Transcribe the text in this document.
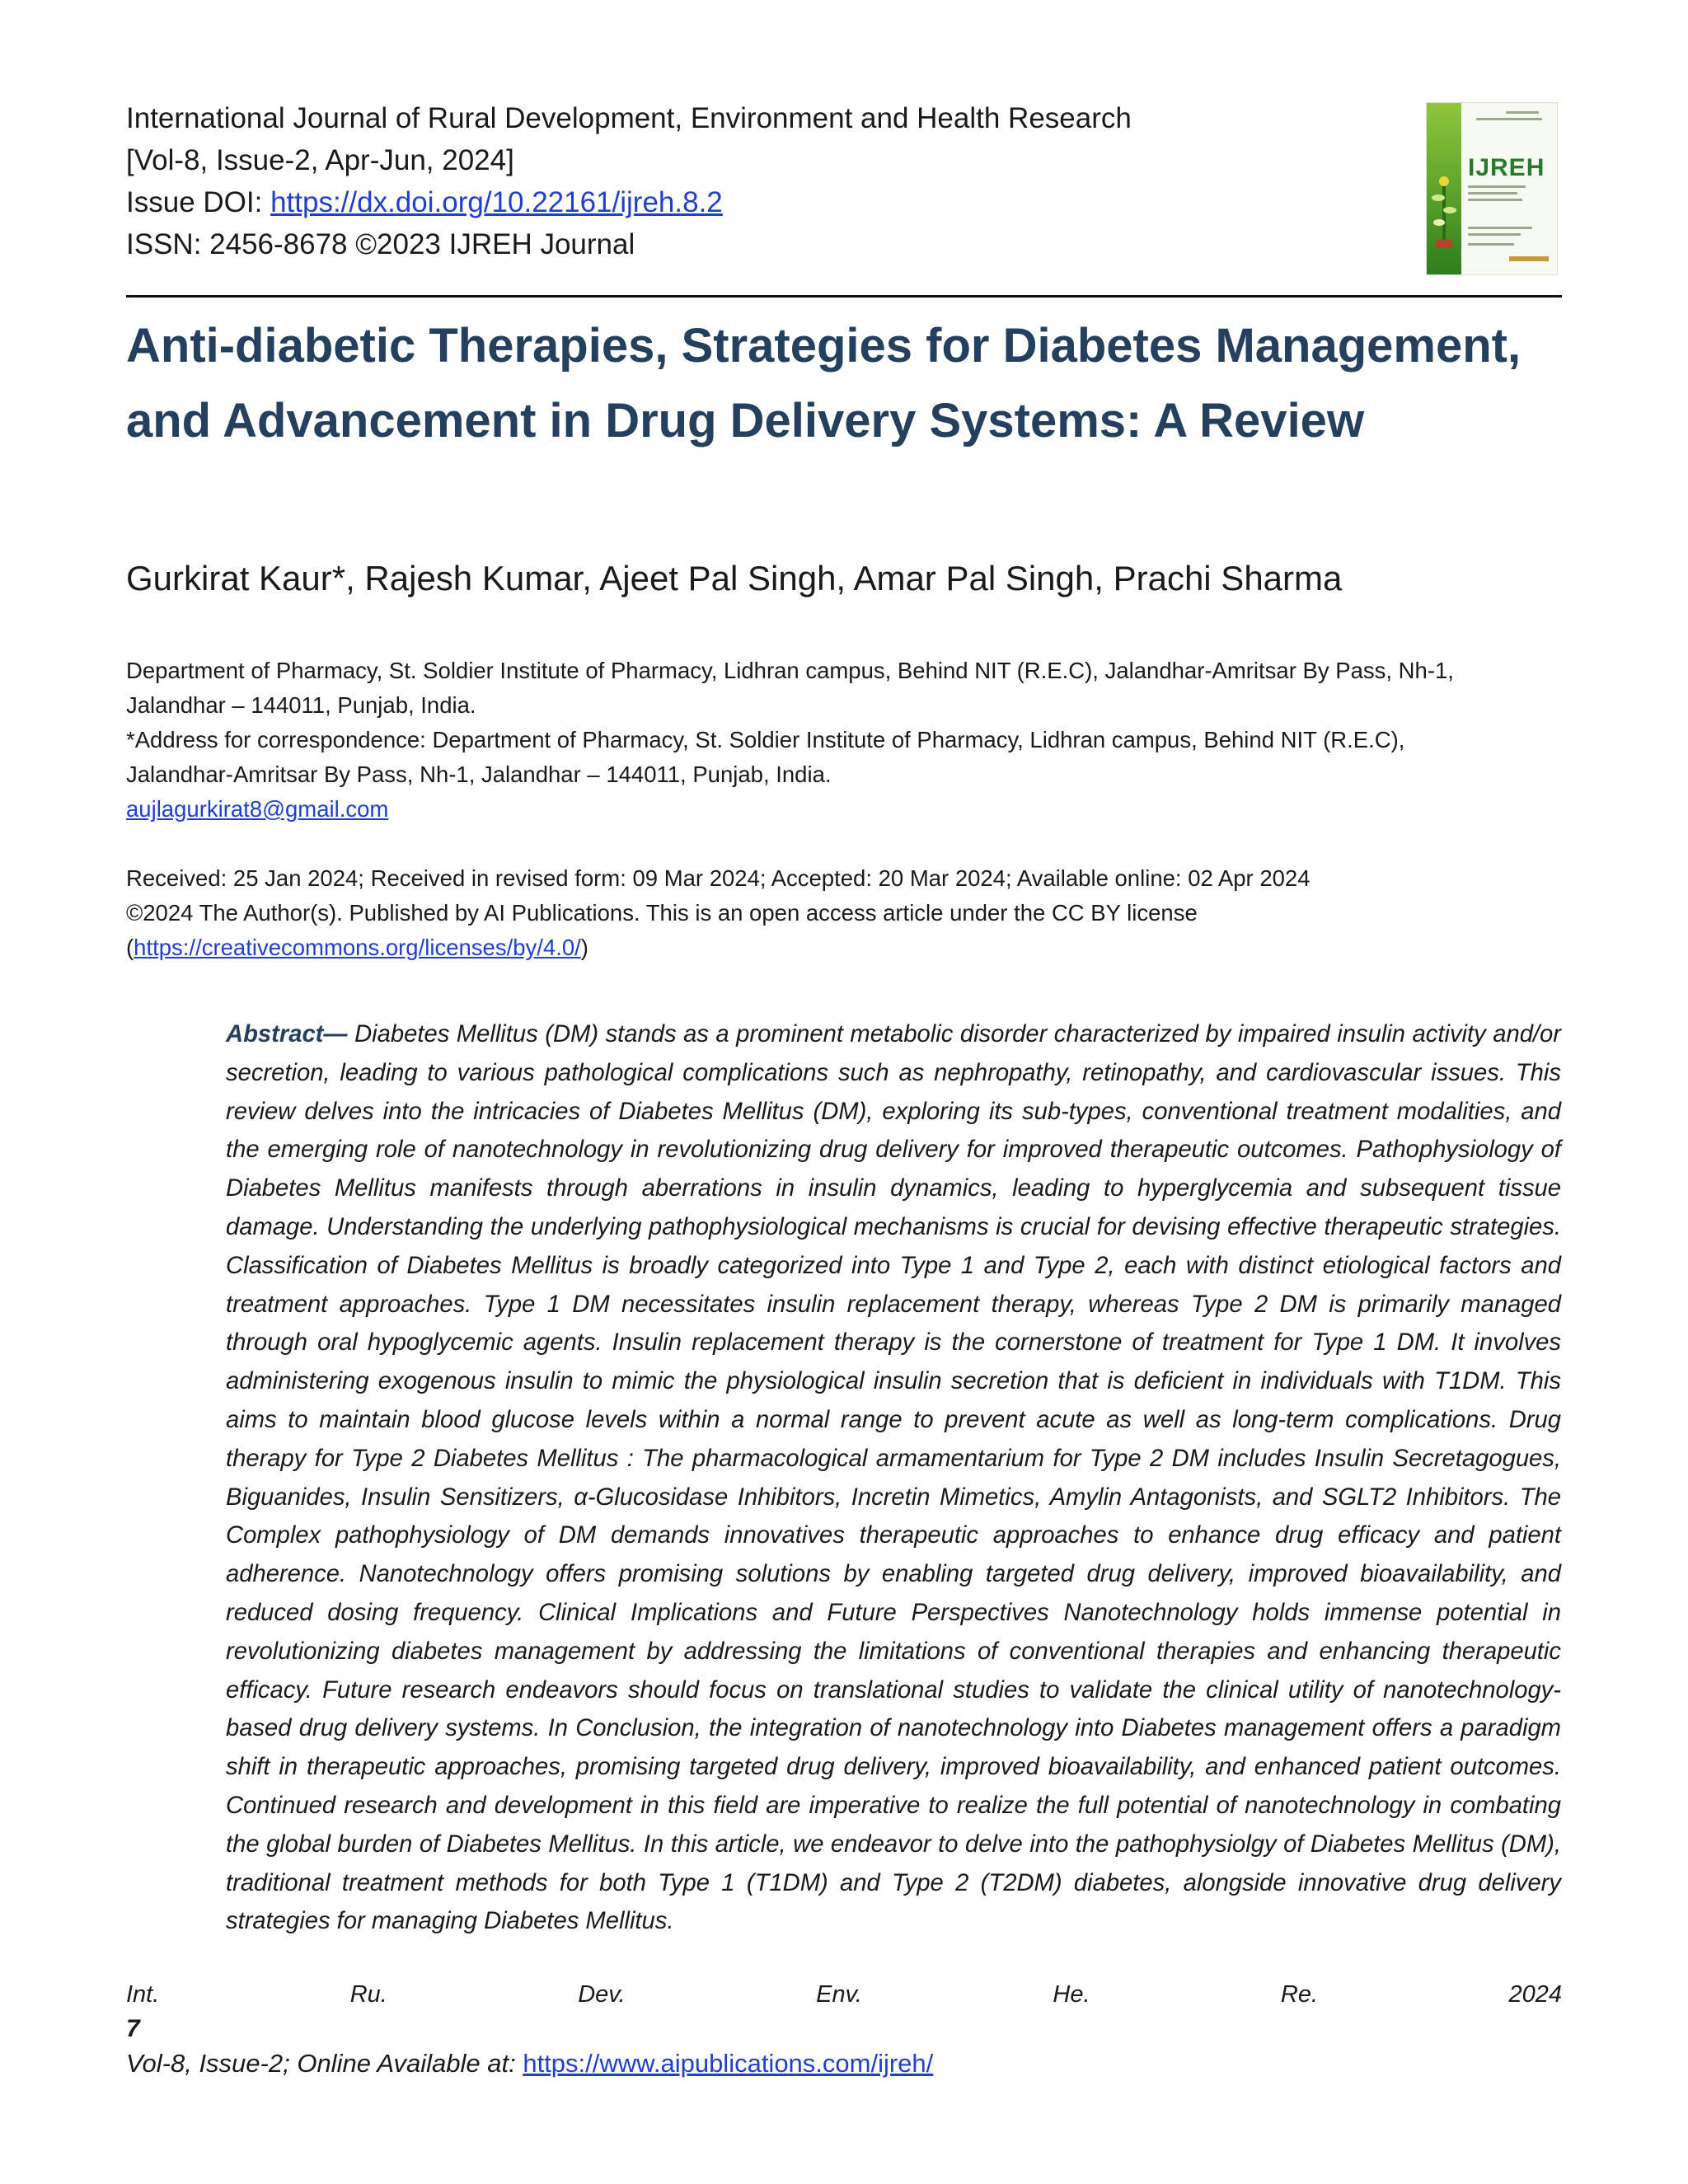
International Journal of Rural Development, Environment and Health Research
[Vol-8, Issue-2, Apr-Jun, 2024]
Issue DOI: https://dx.doi.org/10.22161/ijreh.8.2
ISSN: 2456-8678 ©2023 IJREH Journal
IJREH
Anti-diabetic Therapies, Strategies for Diabetes Management, and Advancement in Drug Delivery Systems: A Review
Gurkirat Kaur*, Rajesh Kumar, Ajeet Pal Singh, Amar Pal Singh, Prachi Sharma
Department of Pharmacy, St. Soldier Institute of Pharmacy, Lidhran campus, Behind NIT (R.E.C), Jalandhar-Amritsar By Pass, Nh-1,
Jalandhar – 144011, Punjab, India.
*Address for correspondence: Department of Pharmacy, St. Soldier Institute of Pharmacy, Lidhran campus, Behind NIT (R.E.C),
Jalandhar-Amritsar By Pass, Nh-1, Jalandhar – 144011, Punjab, India.
aujlagurkirat8@gmail.com
Received: 25 Jan 2024; Received in revised form: 09 Mar 2024; Accepted: 20 Mar 2024; Available online: 02 Apr 2024
©2024 The Author(s). Published by AI Publications. This is an open access article under the CC BY license
(https://creativecommons.org/licenses/by/4.0/)

Abstract— Diabetes Mellitus (DM) stands as a prominent metabolic disorder characterized by impaired insulin activity and/or secretion, leading to various pathological complications such as nephropathy, retinopathy, and cardiovascular issues. This review delves into the intricacies of Diabetes Mellitus (DM), exploring its sub-types, conventional treatment modalities, and the emerging role of nanotechnology in revolutionizing drug delivery for improved therapeutic outcomes. Pathophysiology of Diabetes Mellitus manifests through aberrations in insulin dynamics, leading to hyperglycemia and subsequent tissue damage. Understanding the underlying pathophysiological mechanisms is crucial for devising effective therapeutic strategies. Classification of Diabetes Mellitus is broadly categorized into Type 1 and Type 2, each with distinct etiological factors and treatment approaches. Type 1 DM necessitates insulin replacement therapy, whereas Type 2 DM is primarily managed through oral hypoglycemic agents. Insulin replacement therapy is the cornerstone of treatment for Type 1 DM. It involves administering exogenous insulin to mimic the physiological insulin secretion that is deficient in individuals with T1DM. This aims to maintain blood glucose levels within a normal range to prevent acute as well as long-term complications. Drug therapy for Type 2 Diabetes Mellitus : The pharmacological armamentarium for Type 2 DM includes Insulin Secretagogues, Biguanides, Insulin Sensitizers, α-Glucosidase Inhibitors, Incretin Mimetics, Amylin Antagonists, and SGLT2 Inhibitors. The Complex pathophysiology of DM demands innovatives therapeutic approaches to enhance drug efficacy and patient adherence. Nanotechnology offers promising solutions by enabling targeted drug delivery, improved bioavailability, and reduced dosing frequency. Clinical Implications and Future Perspectives Nanotechnology holds immense potential in revolutionizing diabetes management by addressing the limitations of conventional therapies and enhancing therapeutic efficacy. Future research endeavors should focus on translational studies to validate the clinical utility of nanotechnology-based drug delivery systems. In Conclusion, the integration of nanotechnology into Diabetes management offers a paradigm shift in therapeutic approaches, promising targeted drug delivery, improved bioavailability, and enhanced patient outcomes. Continued research and development in this field are imperative to realize the full potential of nanotechnology in combating the global burden of Diabetes Mellitus. In this article, we endeavor to delve into the pathophysiolgy of Diabetes Mellitus (DM), traditional treatment methods for both Type 1 (T1DM) and Type 2 (T2DM) diabetes, alongside innovative drug delivery strategies for managing Diabetes Mellitus.

Int.	Ru.	Dev.	Env.	He.	Re.	2024
7
Vol-8, Issue-2; Online Available at: https://www.aipublications.com/ijreh/
